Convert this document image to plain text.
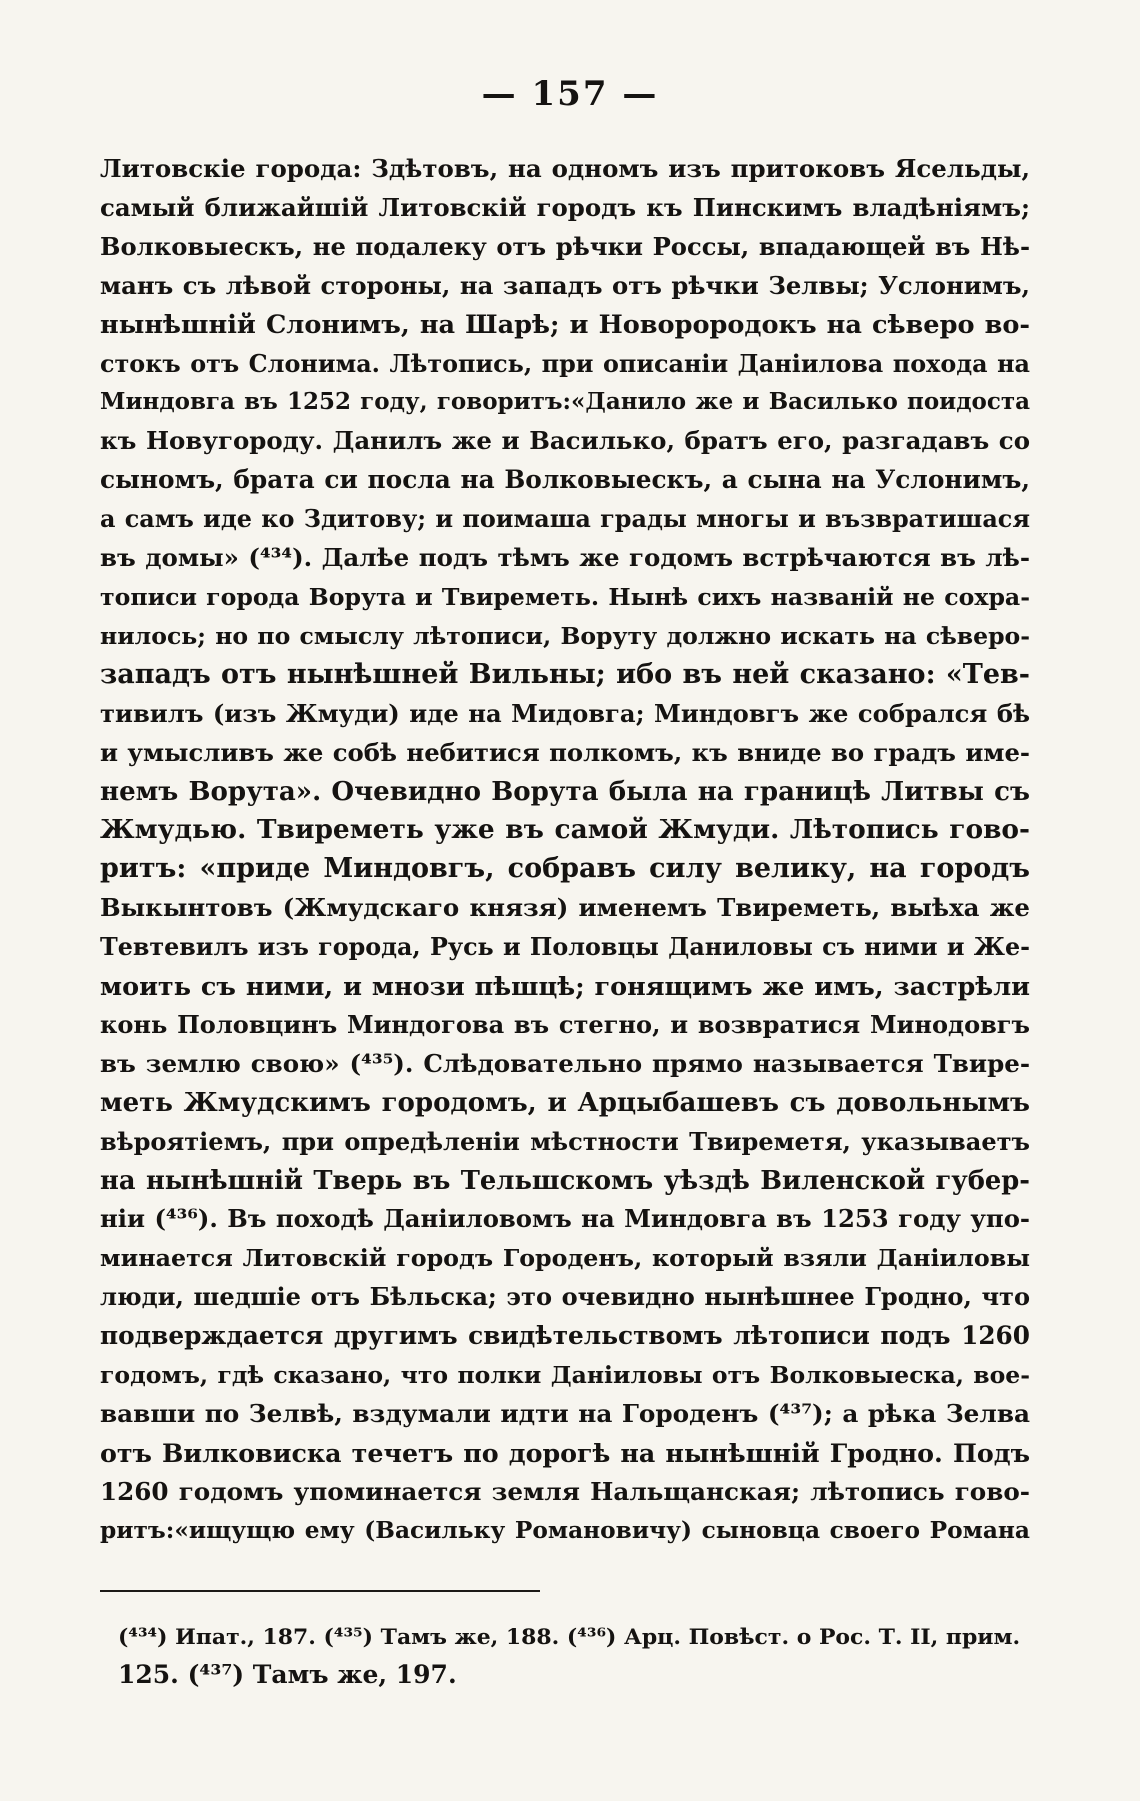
— 157 —
Литовскіе города: Здѣтовъ, на одномъ изъ притоковъ Ясельды,
самый ближайшій Литовскій городъ къ Пинскимъ владѣніямъ;
Волковыескъ, не подалеку отъ рѣчки Россы, впадающей въ Нѣ-
манъ съ лѣвой стороны, на западъ отъ рѣчки Зелвы; Услонимъ,
нынѣшній Слонимъ, на Шарѣ; и Новорородокъ на сѣверо во-
стокъ отъ Слонима. Лѣтопись, при описаніи Даніилова похода на
Миндовга въ 1252 году, говоритъ:«Данило же и Василько поидоста
къ Новугороду. Данилъ же и Василько, братъ его, разгадавъ со
сыномъ, брата си посла на Волковыескъ, а сына на Услонимъ,
а самъ иде ко Здитову; и поимаша грады многы и възвратишася
въ домы» (⁴³⁴). Далѣе подъ тѣмъ же годомъ встрѣчаются въ лѣ-
тописи города Ворута и Твиреметь. Нынѣ сихъ названій не сохра-
нилось; но по смыслу лѣтописи, Воруту должно искать на сѣверо-
западъ отъ нынѣшней Вильны; ибо въ ней сказано: «Тев-
тивилъ (изъ Жмуди) иде на Мидовга; Миндовгъ же собрался бѣ
и умысливъ же собѣ небитися полкомъ, къ вниде во градъ име-
немъ Ворута». Очевидно Ворута была на границѣ Литвы съ
Жмудью. Твиреметь уже въ самой Жмуди. Лѣтопись гово-
ритъ: «приде Миндовгъ, собравъ силу велику, на городъ
Выкынтовъ (Жмудскаго князя) именемъ Твиреметь, выѣха же
Тевтевилъ изъ города, Русь и Половцы Даниловы съ ними и Же-
моить съ ними, и мнози пѣшцѣ; гонящимъ же имъ, застрѣли
конь Половцинъ Миндогова въ стегно, и возвратися Минодовгъ
въ землю свою» (⁴³⁵). Слѣдовательно прямо называется Твире-
меть Жмудскимъ городомъ, и Арцыбашевъ съ довольнымъ
вѣроятіемъ, при опредѣленіи мѣстности Твиреметя, указываетъ
на нынѣшній Тверь въ Тельшскомъ уѣздѣ Виленской губер-
ніи (⁴³⁶). Въ походѣ Даніиловомъ на Миндовга въ 1253 году упо-
минается Литовскій городъ Городенъ, который взяли Даніиловы
люди, шедшіе отъ Бѣльска; это очевидно нынѣшнее Гродно, что
подверждается другимъ свидѣтельствомъ лѣтописи подъ 1260
годомъ, гдѣ сказано, что полки Даніиловы отъ Волковыеска, вое-
вавши по Зелвѣ, вздумали идти на Городенъ (⁴³⁷); а рѣка Зелва
отъ Вилковиска течетъ по дорогѣ на нынѣшній Гродно. Подъ
1260 годомъ упоминается земля Нальщанская; лѣтопись гово-
ритъ:«ищущю ему (Васильку Романовичу) сыновца своего Романа
(⁴³⁴) Ипат., 187. (⁴³⁵) Тамъ же, 188. (⁴³⁶) Арц. Повѣст. о Рос. Т. II, прим.
125. (⁴³⁷) Тамъ же, 197.
